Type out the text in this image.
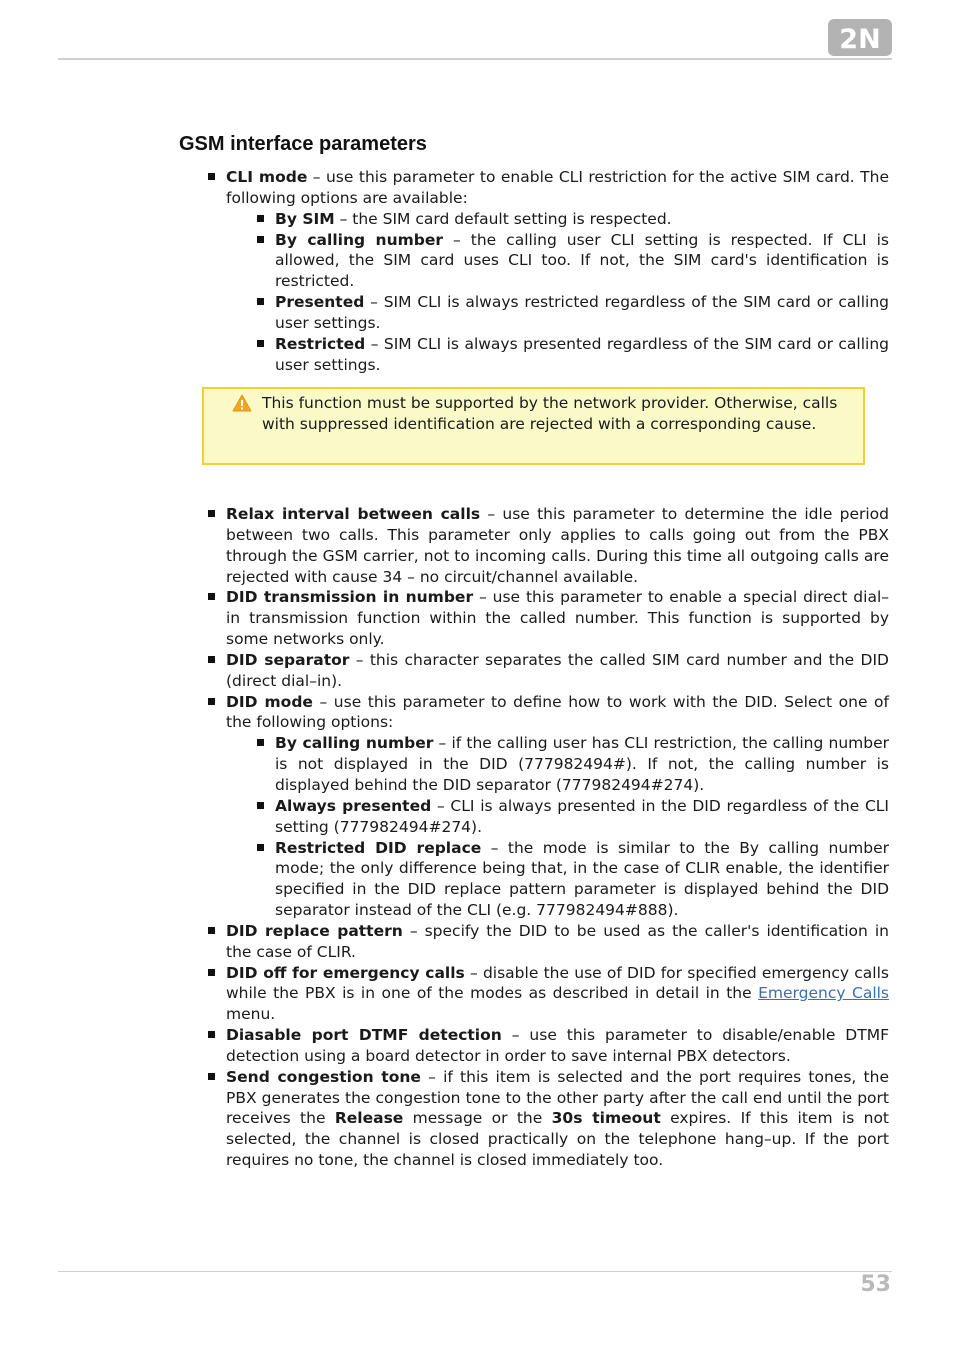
2N
GSM interface parameters
CLI mode – use this parameter to enable CLI restriction for the active SIM card. The following options are available:
By SIM – the SIM card default setting is respected.
By calling number – the calling user CLI setting is respected. If CLI is allowed, the SIM card uses CLI too. If not, the SIM card's identification is restricted.
Presented – SIM CLI is always restricted regardless of the SIM card or calling user settings.
Restricted – SIM CLI is always presented regardless of the SIM card or calling user settings.
This function must be supported by the network provider. Otherwise, calls with suppressed identification are rejected with a corresponding cause.
Relax interval between calls – use this parameter to determine the idle period between two calls. This parameter only applies to calls going out from the PBX through the GSM carrier, not to incoming calls. During this time all outgoing calls are rejected with cause 34 – no circuit/channel available.
DID transmission in number – use this parameter to enable a special direct dial–in transmission function within the called number. This function is supported by some networks only.
DID separator – this character separates the called SIM card number and the DID (direct dial–in).
DID mode – use this parameter to define how to work with the DID. Select one of the following options:
By calling number – if the calling user has CLI restriction, the calling number is not displayed in the DID (777982494#). If not, the calling number is displayed behind the DID separator (777982494#274).
Always presented – CLI is always presented in the DID regardless of the CLI setting (777982494#274).
Restricted DID replace – the mode is similar to the By calling number mode; the only difference being that, in the case of CLIR enable, the identifier specified in the DID replace pattern parameter is displayed behind the DID separator instead of the CLI (e.g. 777982494#888).
DID replace pattern – specify the DID to be used as the caller's identification in the case of CLIR.
DID off for emergency calls – disable the use of DID for specified emergency calls while the PBX is in one of the modes as described in detail in the Emergency Calls menu.
Diasable port DTMF detection – use this parameter to disable/enable DTMF detection using a board detector in order to save internal PBX detectors.
Send congestion tone – if this item is selected and the port requires tones, the PBX generates the congestion tone to the other party after the call end until the port receives the Release message or the 30s timeout expires. If this item is not selected, the channel is closed practically on the telephone hang–up. If the port requires no tone, the channel is closed immediately too.
53
